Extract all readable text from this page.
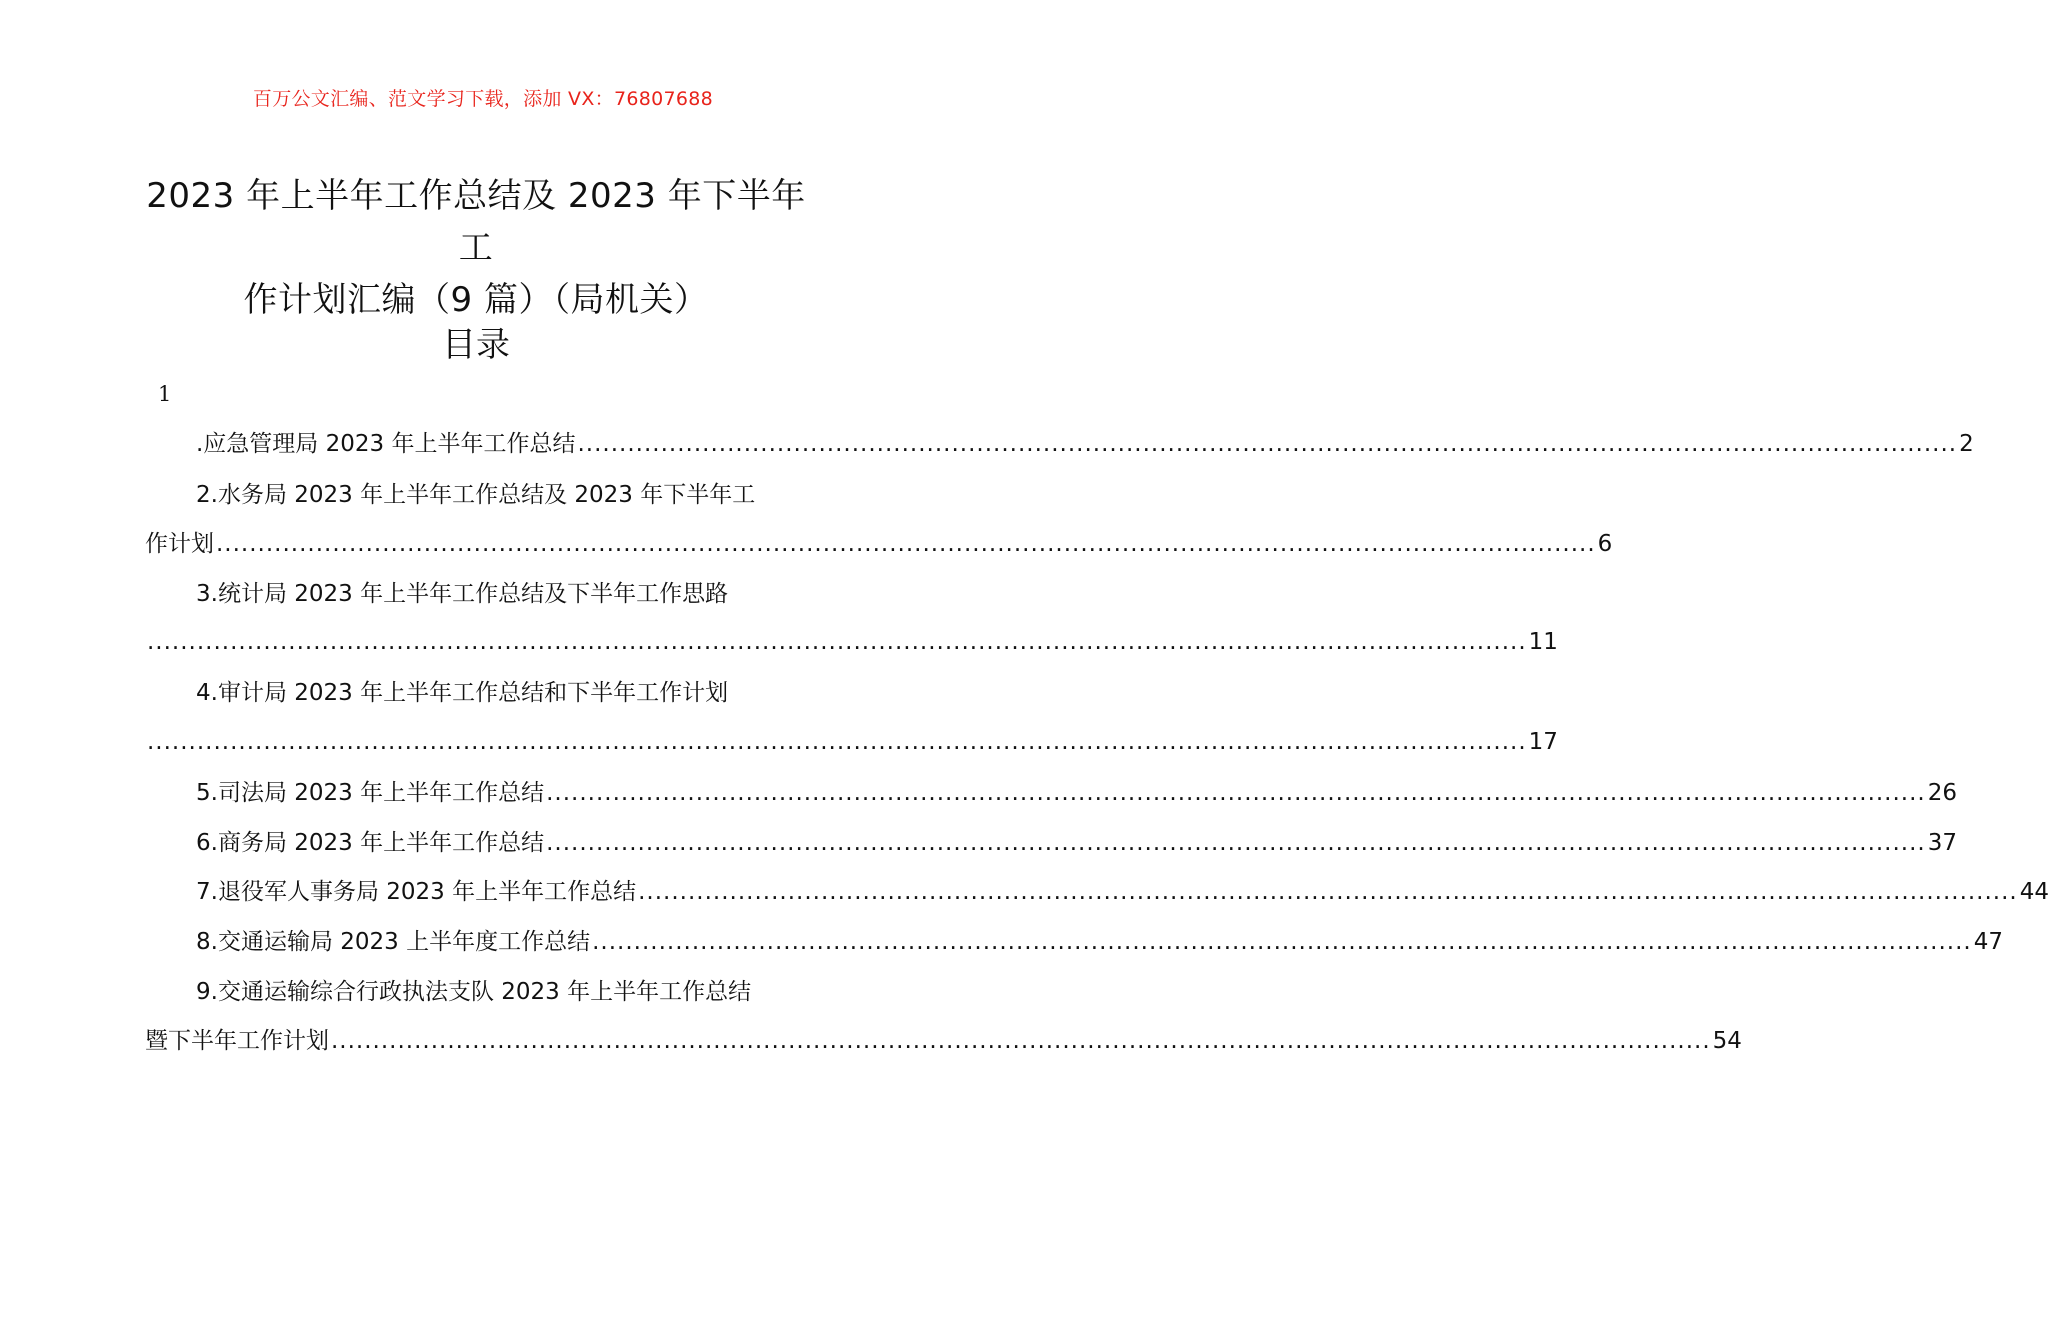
百万公文汇编、范文学习下载，添加 VX：76807688
2023 年上半年工作总结及 2023 年下半年工
作计划汇编（9 篇）（局机关）
目录
1
.应急管理局 2023 年上半年工作总结 ...................................................................................................................................................................... 2
2.水务局 2023 年上半年工作总结及 2023 年下半年工
作计划 ...................................................................................................................................................................... 6
3.统计局 2023 年上半年工作总结及下半年工作思路
...................................................................................................................................................................... 11
4.审计局 2023 年上半年工作总结和下半年工作计划
...................................................................................................................................................................... 17
5.司法局 2023 年上半年工作总结 ...................................................................................................................................................................... 26
6.商务局 2023 年上半年工作总结 ...................................................................................................................................................................... 37
7.退役军人事务局 2023 年上半年工作总结 ...................................................................................................................................................................... 44
8.交通运输局 2023 上半年度工作总结 ...................................................................................................................................................................... 47
9.交通运输综合行政执法支队 2023 年上半年工作总结
暨下半年工作计划 ...................................................................................................................................................................... 54
